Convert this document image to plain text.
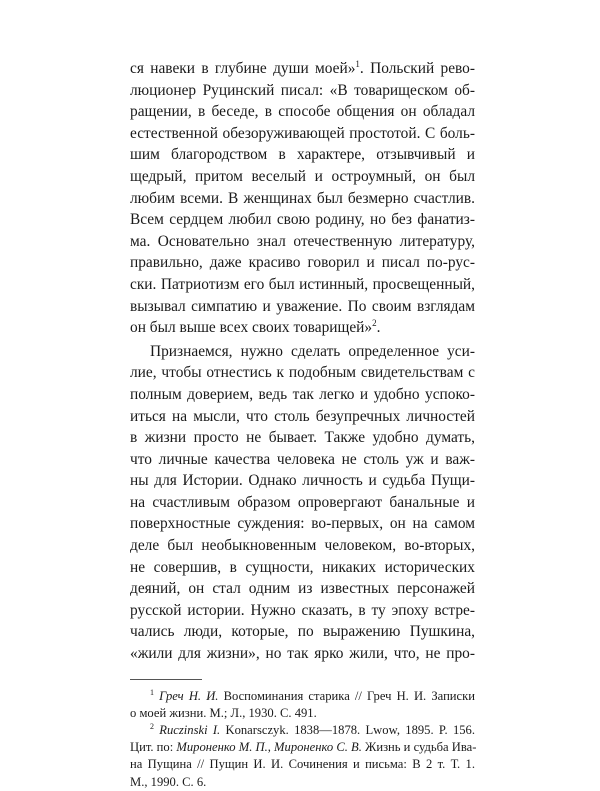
ся навеки в глубине души моей»$^1$. Польский рево-
люционер Руцинский писал: «В товарищеском об-
ращении, в беседе, в способе общения он обладал
естественной обезоруживающей простотой. С боль-
шим благородством в характере, отзывчивый и
щедрый, притом веселый и остроумный, он был
любим всеми. В женщинах был безмерно счастлив.
Всем сердцем любил свою родину, но без фанатиз-
ма. Основательно знал отечественную литературу,
правильно, даже красиво говорил и писал по-рус-
ски. Патриотизм его был истинный, просвещенный,
вызывал симпатию и уважение. По своим взглядам
он был выше всех своих товарищей»$^2$.
Признаемся, нужно сделать определенное уси-
лие, чтобы отнестись к подобным свидетельствам с
полным доверием, ведь так легко и удобно успоко-
иться на мысли, что столь безупречных личностей
в жизни просто не бывает. Также удобно думать,
что личные качества человека не столь уж и важ-
ны для Истории. Однако личность и судьба Пущи-
на счастливым образом опровергают банальные и
поверхностные суждения: во-первых, он на самом
деле был необыкновенным человеком, во-вторых,
не совершив, в сущности, никаких исторических
деяний, он стал одним из известных персонажей
русской истории. Нужно сказать, в ту эпоху встре-
чались люди, которые, по выражению Пушкина,
«жили для жизни», но так ярко жили, что, не про-
$^1$ Греч Н. И. Воспоминания старика // Греч Н. И. Записки
о моей жизни. М.; Л., 1930. С. 491.
$^2$ Ruczinski I. Konarsczyk. 1838—1878. Lwow, 1895. P. 156.
Цит. по: Мироненко М. П., Мироненко С. В. Жизнь и судьба Ива-
на Пущина // Пущин И. И. Сочинения и письма: В 2 т. Т. 1.
М., 1990. С. 6.
